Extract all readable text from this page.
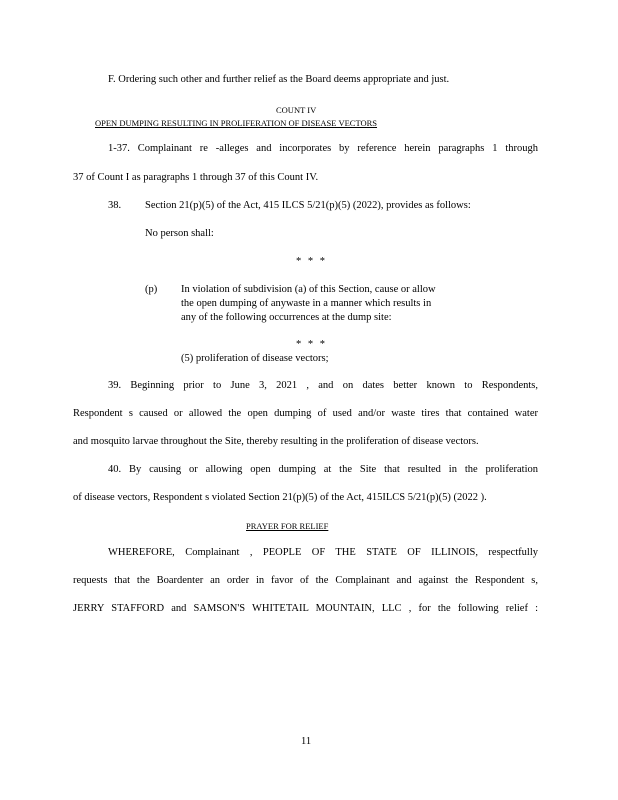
F. Ordering such other and further relief as the Board deems appropriate and just.
COUNT IV
OPEN DUMPING RESULTING IN PROLIFERATION OF DISEASE VECTORS
1-37. Complainant re -alleges and incorporates by reference herein paragraphs 1 through
37 of Count I as paragraphs 1 through 37 of this Count IV.
38. Section 21(p)(5) of the Act, 415 ILCS 5/21(p)(5) (2022), provides as follows:
No person shall:
* * *
(p) In violation of subdivision (a) of this Section, cause or allow
the open dumping of anywaste in a manner which results in
any of the following occurrences at the dump site:
* * *
(5) proliferation of disease vectors;
39. Beginning prior to June 3, 2021 , and on dates better known to Respondents,
Respondent s caused or allowed the open dumping of used and/or waste tires that contained water
and mosquito larvae throughout the Site, thereby resulting in the proliferation of disease vectors.
40. By causing or allowing open dumping at the Site that resulted in the proliferation
of disease vectors, Respondent s violated Section 21(p)(5) of the Act, 415ILCS 5/21(p)(5) (2022 ).
PRAYER FOR RELIEF
WHEREFORE, Complainant , PEOPLE OF THE STATE OF ILLINOIS, respectfully
requests that the Boardenter an order in favor of the Complainant and against the Respondent s,
JERRY STAFFORD and SAMSON'S WHITETAIL MOUNTAIN, LLC , for the following relief :
11
